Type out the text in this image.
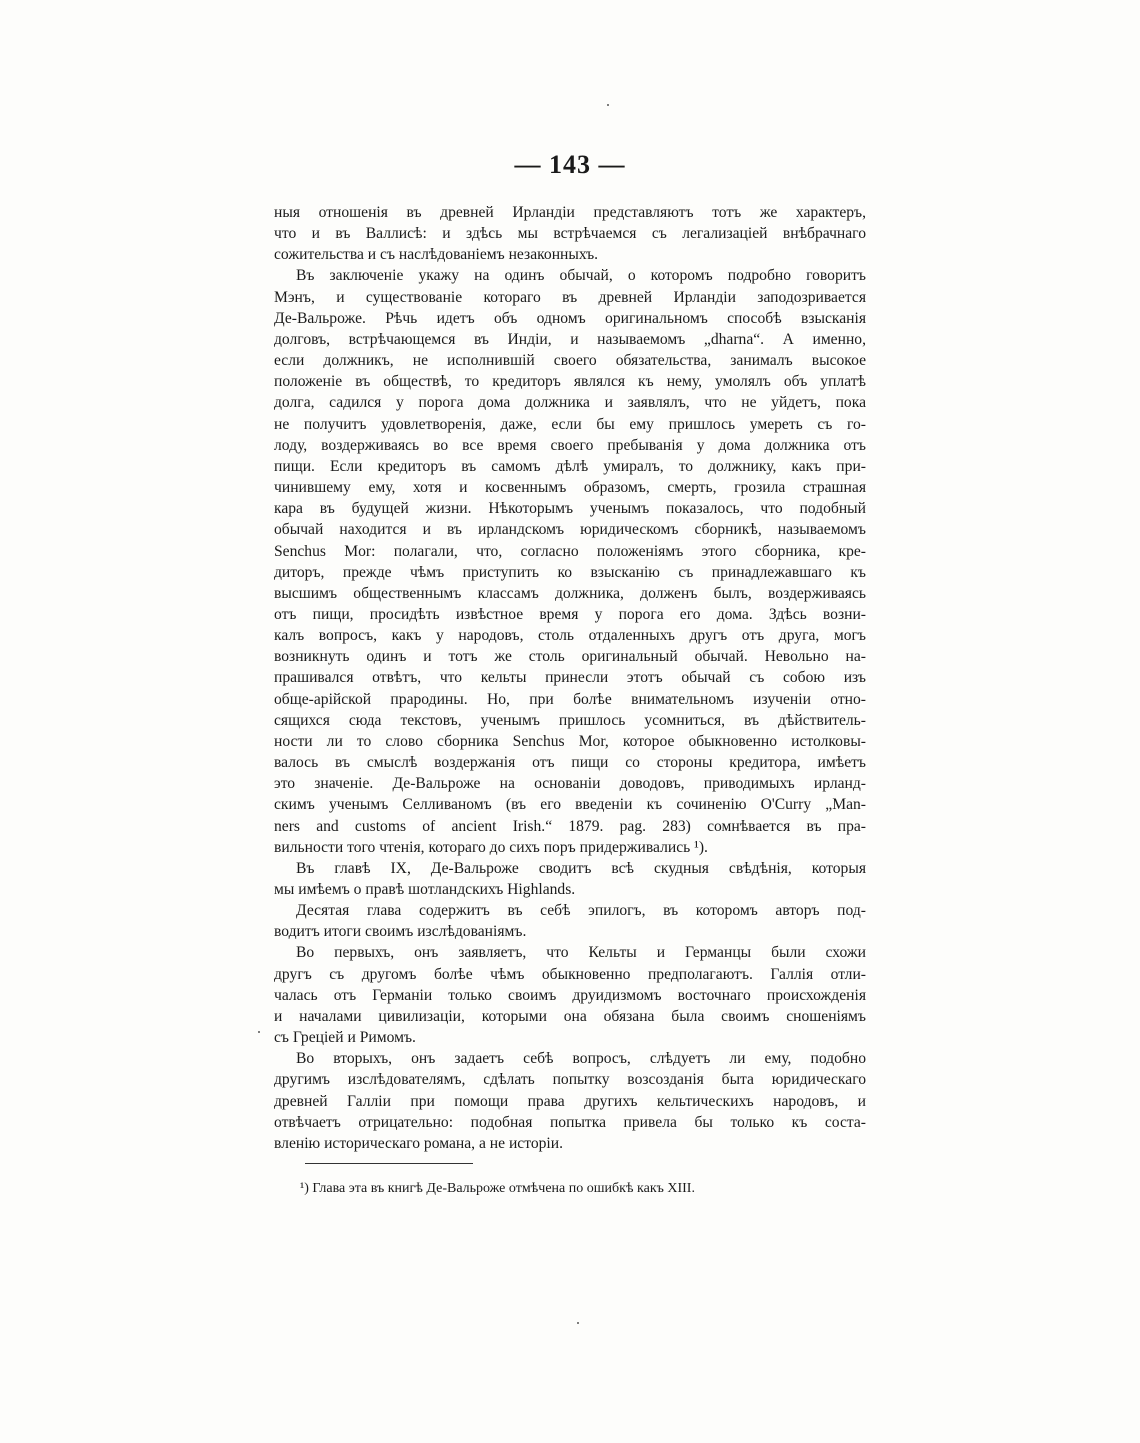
— 143 —

ныя отношенія въ древней Ирландіи представляютъ тотъ же характеръ,
что и въ Валлисѣ: и здѣсь мы встрѣчаемся съ легализаціей внѣбрачнаго
сожительства и съ наслѣдованіемъ незаконныхъ.

Въ заключеніе укажу на одинъ обычай, о которомъ подробно говоритъ
Мэнъ, и существованіе котораго въ древней Ирландіи заподозривается
Де-Вальроже. Рѣчь идетъ объ одномъ оригинальномъ способѣ взысканія
долговъ, встрѣчающемся въ Индіи, и называемомъ „dharna“. А именно,
если должникъ, не исполнившій своего обязательства, занималъ высокое
положеніе въ обществѣ, то кредиторъ являлся къ нему, умолялъ объ уплатѣ
долга, садился у порога дома должника и заявлялъ, что не уйдетъ, пока
не получитъ удовлетворенія, даже, если бы ему пришлось умереть съ го-
лоду, воздерживаясь во все время своего пребыванія у дома должника отъ
пищи. Если кредиторъ въ самомъ дѣлѣ умиралъ, то должнику, какъ при-
чинившему ему, хотя и косвеннымъ образомъ, смерть, грозила страшная
кара въ будущей жизни. Нѣкоторымъ ученымъ показалось, что подобный
обычай находится и въ ирландскомъ юридическомъ сборникѣ, называемомъ
Senchus Mor: полагали, что, согласно положеніямъ этого сборника, кре-
диторъ, прежде чѣмъ приступить ко взысканію съ принадлежавшаго къ
высшимъ общественнымъ классамъ должника, долженъ былъ, воздерживаясь
отъ пищи, просидѣть извѣстное время у порога его дома. Здѣсь возни-
калъ вопросъ, какъ у народовъ, столь отдаленныхъ другъ отъ друга, могъ
возникнуть одинъ и тотъ же столь оригинальный обычай. Невольно на-
прашивался отвѣтъ, что кельты принесли этотъ обычай съ собою изъ
обще-арійской прародины. Но, при болѣе внимательномъ изученіи отно-
сящихся сюда текстовъ, ученымъ пришлось усомниться, въ дѣйствитель-
ности ли то слово сборника Senchus Mor, которое обыкновенно истолковы-
валось въ смыслѣ воздержанія отъ пищи со стороны кредитора, имѣетъ
это значеніе. Де-Вальроже на основаніи доводовъ, приводимыхъ ирланд-
скимъ ученымъ Селливаномъ (въ его введеніи къ сочиненію O'Curry „Man-
ners and customs of ancient Irish.“ 1879. pag. 283) сомнѣвается въ пра-
вильности того чтенія, котораго до сихъ поръ придерживались ¹).

Въ главѣ IX, Де-Вальроже сводитъ всѣ скудныя свѣдѣнія, которыя
мы имѣемъ о правѣ шотландскихъ Highlands.

Десятая глава содержитъ въ себѣ эпилогъ, въ которомъ авторъ под-
водитъ итоги своимъ изслѣдованіямъ.

Во первыхъ, онъ заявляетъ, что Кельты и Германцы были схожи
другъ съ другомъ болѣе чѣмъ обыкновенно предполагаютъ. Галлія отли-
чалась отъ Германіи только своимъ друидизмомъ восточнаго происхожденія
и началами цивилизаціи, которыми она обязана была своимъ сношеніямъ
съ Греціей и Римомъ.

Во вторыхъ, онъ задаетъ себѣ вопросъ, слѣдуетъ ли ему, подобно
другимъ изслѣдователямъ, сдѣлать попытку возсозданія быта юридическаго
древней Галліи при помощи права другихъ кельтическихъ народовъ, и
отвѣчаетъ отрицательно: подобная попытка привела бы только къ соста-
вленію историческаго романа, а не исторіи.

¹) Глава эта въ книгѣ Де-Вальроже отмѣчена по ошибкѣ какъ XIII.
